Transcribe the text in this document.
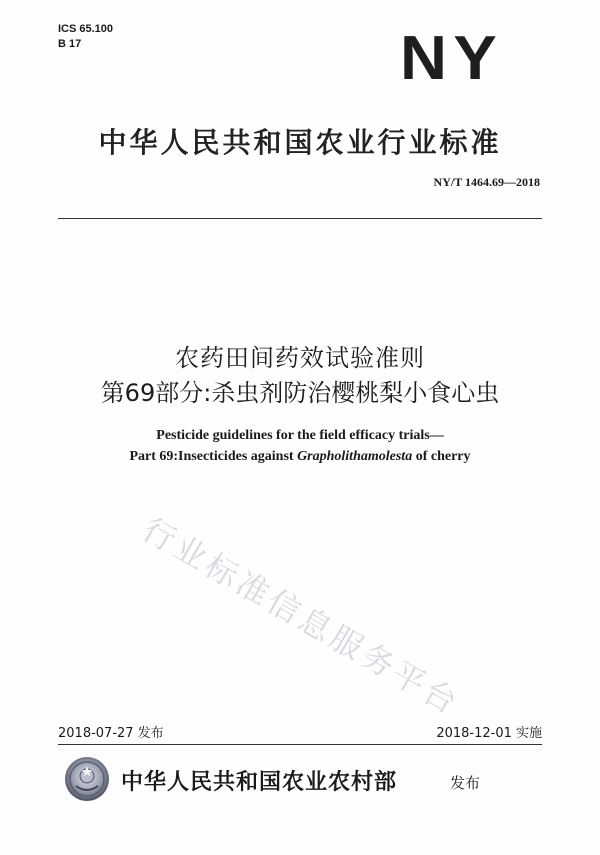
ICS 65.100
B 17	NY
中华人民共和国农业行业标准
NY/T 1464.69—2018
农药田间药效试验准则
第69部分:杀虫剂防治樱桃梨小食心虫
Pesticide guidelines for the field efficacy trials—
Part 69:Insecticides against Grapholithamolesta of cherry
行业标准信息服务平台
2018-07-27 发布	2018-12-01 实施
中华人民共和国农业农村部	发布
